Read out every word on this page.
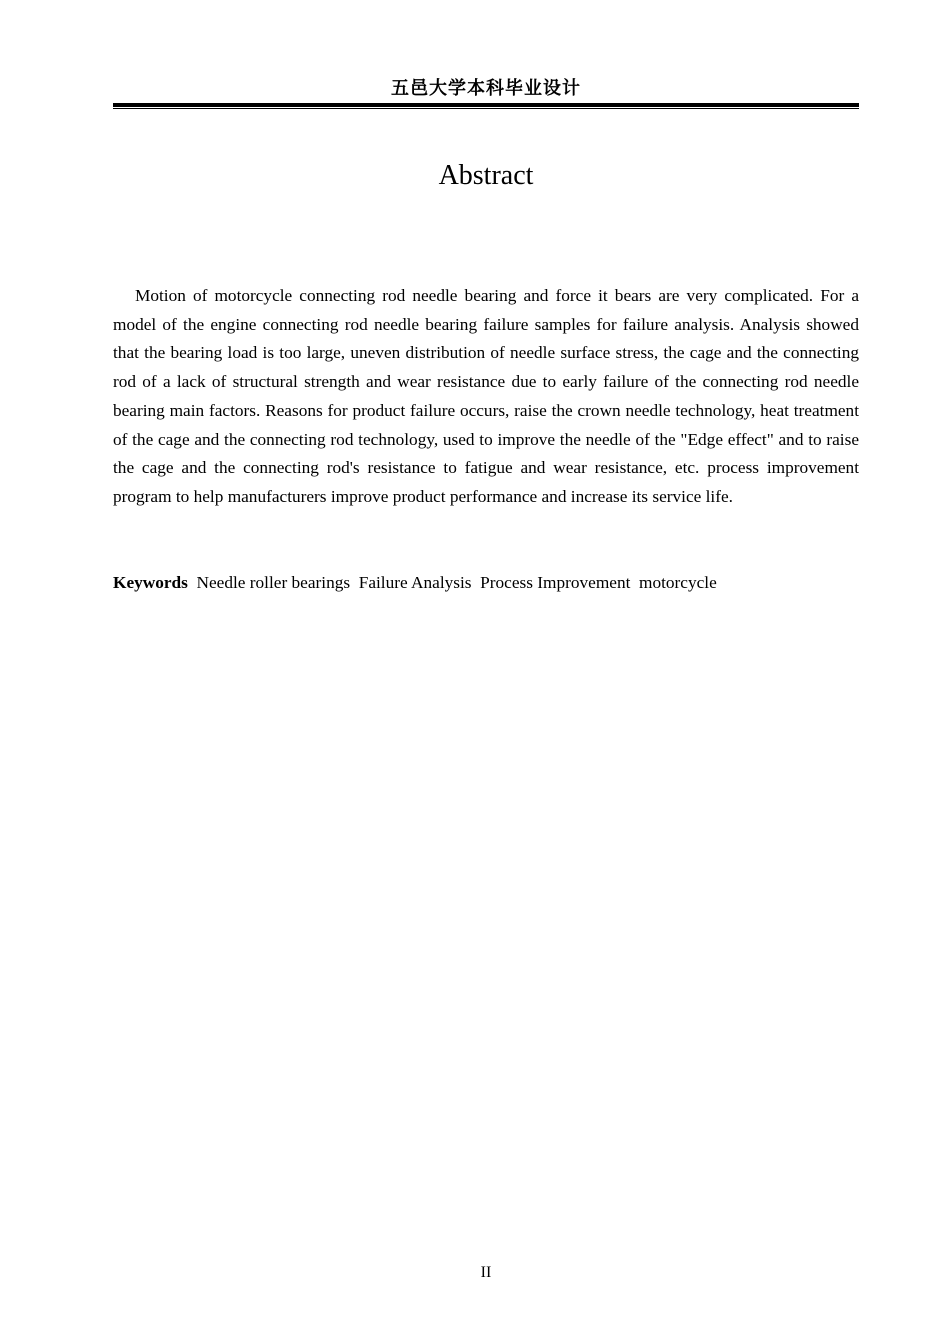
五邑大学本科毕业设计
Abstract

Motion of motorcycle connecting rod needle bearing and force it bears are very complicated. For a model of the engine connecting rod needle bearing failure samples for failure analysis. Analysis showed that the bearing load is too large, uneven distribution of needle surface stress, the cage and the connecting rod of a lack of structural strength and wear resistance due to early failure of the connecting rod needle bearing main factors. Reasons for product failure occurs, raise the crown needle technology, heat treatment of the cage and the connecting rod technology, used to improve the needle of the "Edge effect" and to raise the cage and the connecting rod's resistance to fatigue and wear resistance, etc. process improvement program to help manufacturers improve product performance and increase its service life.

Keywords Needle roller bearings Failure Analysis Process Improvement motorcycle
II
